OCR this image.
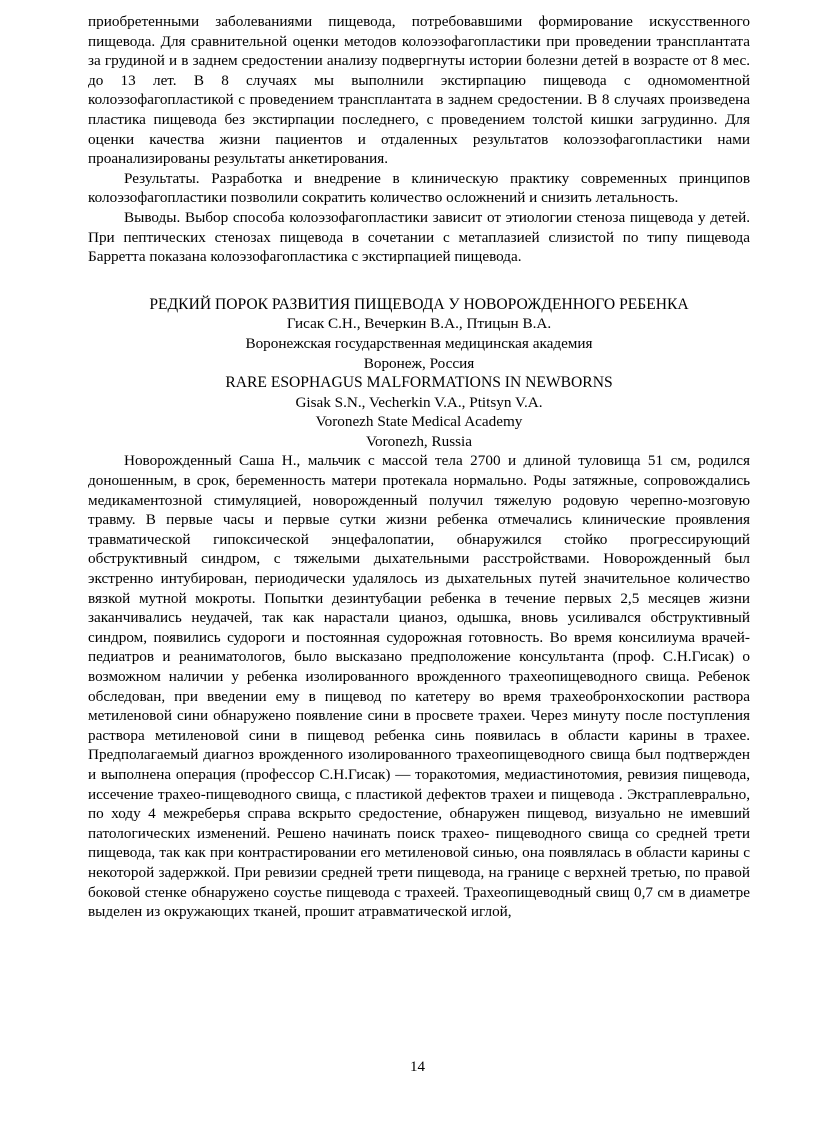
приобретенными заболеваниями пищевода, потребовавшими формирование искусственного пищевода. Для сравнительной оценки методов колоэзофагопластики при проведении трансплантата за грудиной и в заднем средостении анализу подвергнуты истории болезни детей в возрасте от 8 мес. до 13 лет. В 8 случаях мы выполнили экстирпацию пищевода с одномоментной колоэзофагопластикой с проведением трансплантата в заднем средостении. В 8 случаях произведена пластика пищевода без экстирпации последнего, с проведением толстой кишки загрудинно. Для оценки качества жизни пациентов и отдаленных результатов колоэзофагопластики нами проанализированы результаты анкетирования.

Результаты. Разработка и внедрение в клиническую практику современных принципов колоэзофагопластики позволили сократить количество осложнений и снизить летальность.

Выводы. Выбор способа колоэзофагопластики зависит от этиологии стеноза пищевода у детей. При пептических стенозах пищевода в сочетании с метаплазией слизистой по типу пищевода Барретта показана колоэзофагопластика с экстирпацией пищевода.

РЕДКИЙ ПОРОК РАЗВИТИЯ ПИЩЕВОДА У НОВОРОЖДЕННОГО РЕБЕНКА

Гисак С.Н., Вечеркин В.А., Птицын В.А.

Воронежская государственная медицинская академия

Воронеж, Россия

RARE ESOPHAGUS MALFORMATIONS IN NEWBORNS

Gisak S.N., Vecherkin V.A., Ptitsyn V.A.

Voronezh State Medical Academy

Voronezh, Russia

Новорожденный Саша Н., мальчик с массой тела 2700 и длиной туловища 51 см, родился доношенным, в срок, беременность матери протекала нормально. Роды затяжные, сопровождались медикаментозной стимуляцией, новорожденный получил тяжелую родовую черепно-мозговую травму. В первые часы и первые сутки жизни ребенка отмечались клинические проявления травматической гипоксической энцефалопатии, обнаружился стойко прогрессирующий обструктивный синдром, с тяжелыми дыхательными расстройствами. Новорожденный был экстренно интубирован, периодически удалялось из дыхательных путей значительное количество вязкой мутной мокроты. Попытки дезинтубации ребенка в течение первых 2,5 месяцев жизни заканчивались неудачей, так как нарастали цианоз, одышка, вновь усиливался обструктивный синдром, появились судороги и постоянная судорожная готовность. Во время консилиума врачей-педиатров и реаниматологов, было высказано предположение консультанта (проф. С.Н.Гисак) о возможном наличии у ребенка изолированного врожденного трахеопищеводного свища. Ребенок обследован, при введении ему в пищевод по катетеру во время трахеобронхоскопии раствора метиленовой сини обнаружено появление сини в просвете трахеи. Через минуту после поступления раствора метиленовой сини в пищевод ребенка синь появилась в области карины в трахее. Предполагаемый диагноз врожденного изолированного трахеопищеводного свища был подтвержден и выполнена операция (профессор С.Н.Гисак) — торакотомия, медиастинотомия, ревизия пищевода, иссечение трахео-пищеводного свища, с пластикой дефектов трахеи и пищевода . Экстраплеврально, по ходу 4 межреберья справа вскрыто средостение, обнаружен пищевод, визуально не имевший патологических изменений. Решено начинать поиск трахео- пищеводного свища со средней трети пищевода, так как при контрастировании его метиленовой синью, она появлялась в области карины с некоторой задержкой. При ревизии средней трети пищевода, на границе с верхней третью, по правой боковой стенке обнаружено соустье пищевода с трахеей. Трахеопищеводный свищ 0,7 см в диаметре выделен из окружающих тканей, прошит атравматической иглой,

14
